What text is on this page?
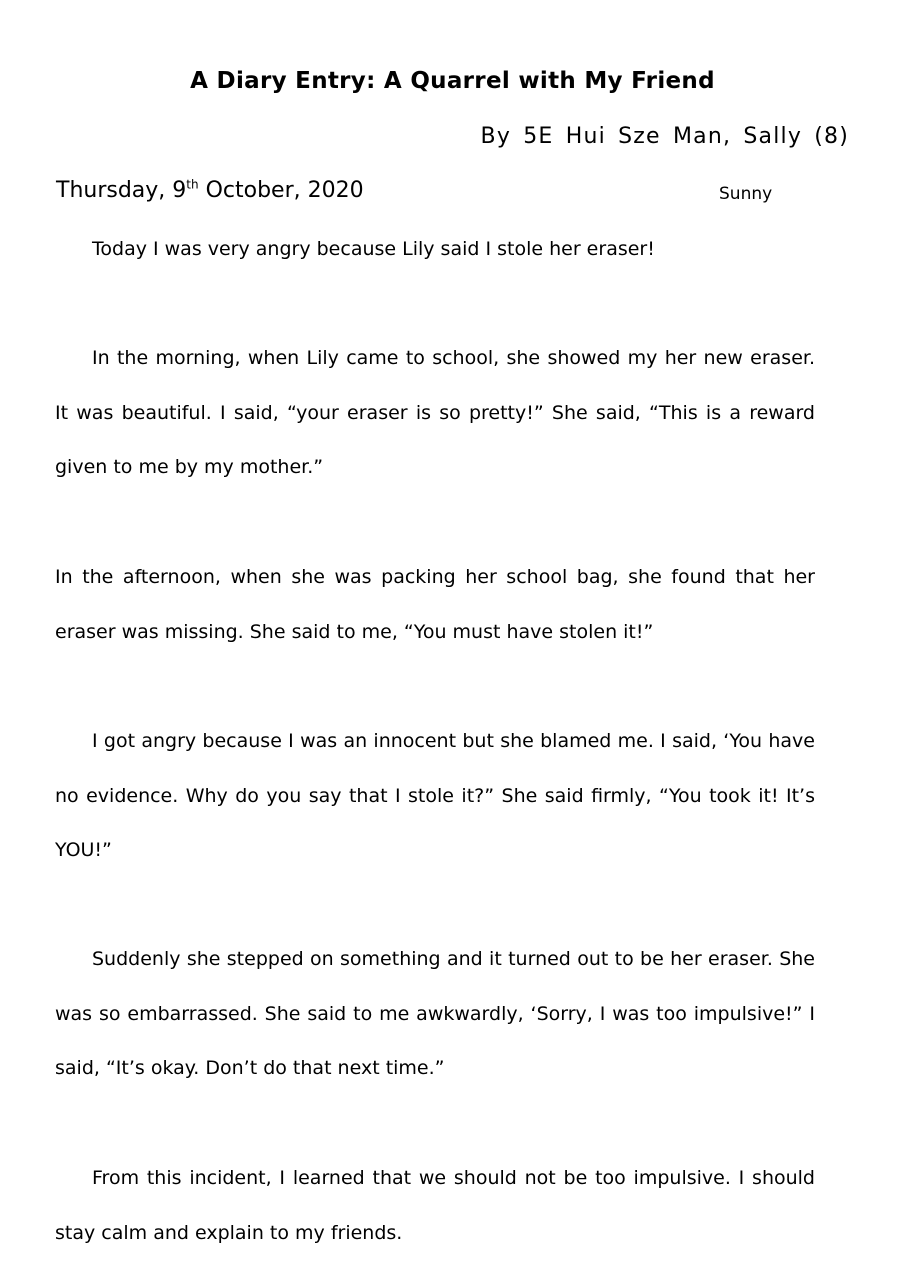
A Diary Entry: A Quarrel with My Friend
By 5E Hui Sze Man, Sally (8)
Thursday, 9th October, 2020	Sunny

Today I was very angry because Lily said I stole her eraser!

In the morning, when Lily came to school, she showed my her new eraser. It was beautiful. I said, “your eraser is so pretty!” She said, “This is a reward given to me by my mother.”

In the afternoon, when she was packing her school bag, she found that her eraser was missing. She said to me, “You must have stolen it!”

I got angry because I was an innocent but she blamed me. I said, ‘You have no evidence. Why do you say that I stole it?” She said firmly, “You took it! It’s YOU!”

Suddenly she stepped on something and it turned out to be her eraser. She was so embarrassed. She said to me awkwardly, ‘Sorry, I was too impulsive!” I said, “It’s okay. Don’t do that next time.”

From this incident, I learned that we should not be too impulsive. I should stay calm and explain to my friends.
